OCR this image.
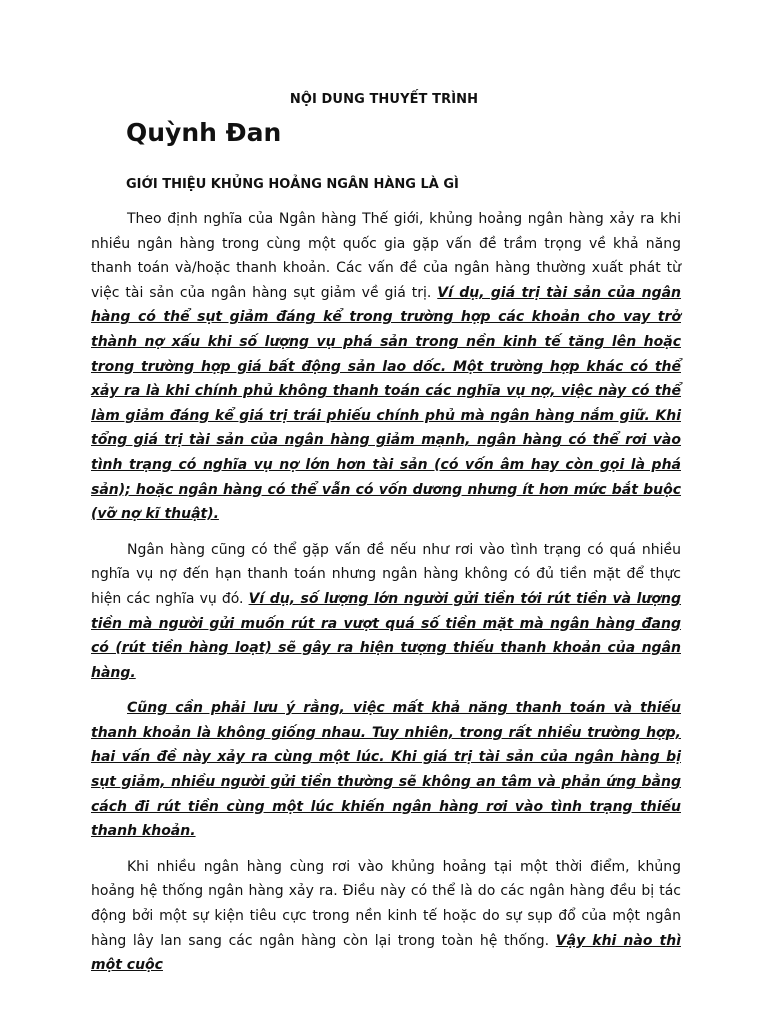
NỘI DUNG THUYẾT TRÌNH
Quỳnh Đan
GIỚI THIỆU KHỦNG HOẢNG NGÂN HÀNG LÀ GÌ

Theo định nghĩa của Ngân hàng Thế giới, khủng hoảng ngân hàng xảy ra khi nhiều ngân hàng trong cùng một quốc gia gặp vấn đề trầm trọng về khả năng thanh toán và/hoặc thanh khoản. Các vấn đề của ngân hàng thường xuất phát từ việc tài sản của ngân hàng sụt giảm về giá trị. Ví dụ, giá trị tài sản của ngân hàng có thể sụt giảm đáng kể trong trường hợp các khoản cho vay trở thành nợ xấu khi số lượng vụ phá sản trong nền kinh tế tăng lên hoặc trong trường hợp giá bất động sản lao dốc. Một trường hợp khác có thể xảy ra là khi chính phủ không thanh toán các nghĩa vụ nợ, việc này có thể làm giảm đáng kể giá trị trái phiếu chính phủ mà ngân hàng nắm giữ. Khi tổng giá trị tài sản của ngân hàng giảm mạnh, ngân hàng có thể rơi vào tình trạng có nghĩa vụ nợ lớn hơn tài sản (có vốn âm hay còn gọi là phá sản); hoặc ngân hàng có thể vẫn có vốn dương nhưng ít hơn mức bắt buộc (vỡ nợ kĩ thuật).

Ngân hàng cũng có thể gặp vấn đề nếu như rơi vào tình trạng có quá nhiều nghĩa vụ nợ đến hạn thanh toán nhưng ngân hàng không có đủ tiền mặt để thực hiện các nghĩa vụ đó. Ví dụ, số lượng lớn người gửi tiền tới rút tiền và lượng tiền mà người gửi muốn rút ra vượt quá số tiền mặt mà ngân hàng đang có (rút tiền hàng loạt) sẽ gây ra hiện tượng thiếu thanh khoản của ngân hàng.

Cũng cần phải lưu ý rằng, việc mất khả năng thanh toán và thiếu thanh khoản là không giống nhau. Tuy nhiên, trong rất nhiều trường hợp, hai vấn đề này xảy ra cùng một lúc. Khi giá trị tài sản của ngân hàng bị sụt giảm, nhiều người gửi tiền thường sẽ không an tâm và phản ứng bằng cách đi rút tiền cùng một lúc khiến ngân hàng rơi vào tình trạng thiếu thanh khoản.

Khi nhiều ngân hàng cùng rơi vào khủng hoảng tại một thời điểm, khủng hoảng hệ thống ngân hàng xảy ra. Điều này có thể là do các ngân hàng đều bị tác động bởi một sự kiện tiêu cực trong nền kinh tế hoặc do sự sụp đổ của một ngân hàng lây lan sang các ngân hàng còn lại trong toàn hệ thống. Vậy khi nào thì một cuộc
